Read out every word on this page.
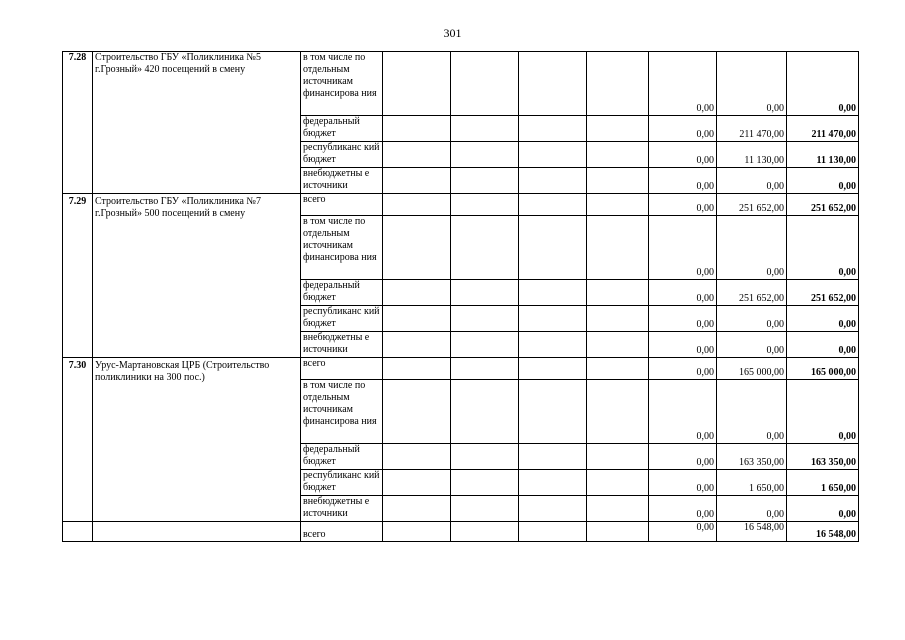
301
7.28	Строительство ГБУ «Поликлиника №5 г.Грозный» 420 посещений в смену	в том числе по отдельным источникам финансирова ния					0,00	0,00	0,00
		федеральный бюджет					0,00	211 470,00	211 470,00
		республиканс кий бюджет					0,00	11 130,00	11 130,00
		внебюджетны е источники					0,00	0,00	0,00
7.29	Строительство ГБУ «Поликлиника №7 г.Грозный» 500 посещений в смену	всего					0,00	251 652,00	251 652,00
		в том числе по отдельным источникам финансирова ния					0,00	0,00	0,00
		федеральный бюджет					0,00	251 652,00	251 652,00
		республиканс кий бюджет					0,00	0,00	0,00
		внебюджетны е источники					0,00	0,00	0,00
7.30	Урус-Мартановская ЦРБ (Строительство поликлиники на 300 пос.)	всего					0,00	165 000,00	165 000,00
		в том числе по отдельным источникам финансирова ния					0,00	0,00	0,00
		федеральный бюджет					0,00	163 350,00	163 350,00
		республиканс кий бюджет					0,00	1 650,00	1 650,00
		внебюджетны е источники					0,00	0,00	0,00
		всего					0,00	16 548,00	16 548,00
